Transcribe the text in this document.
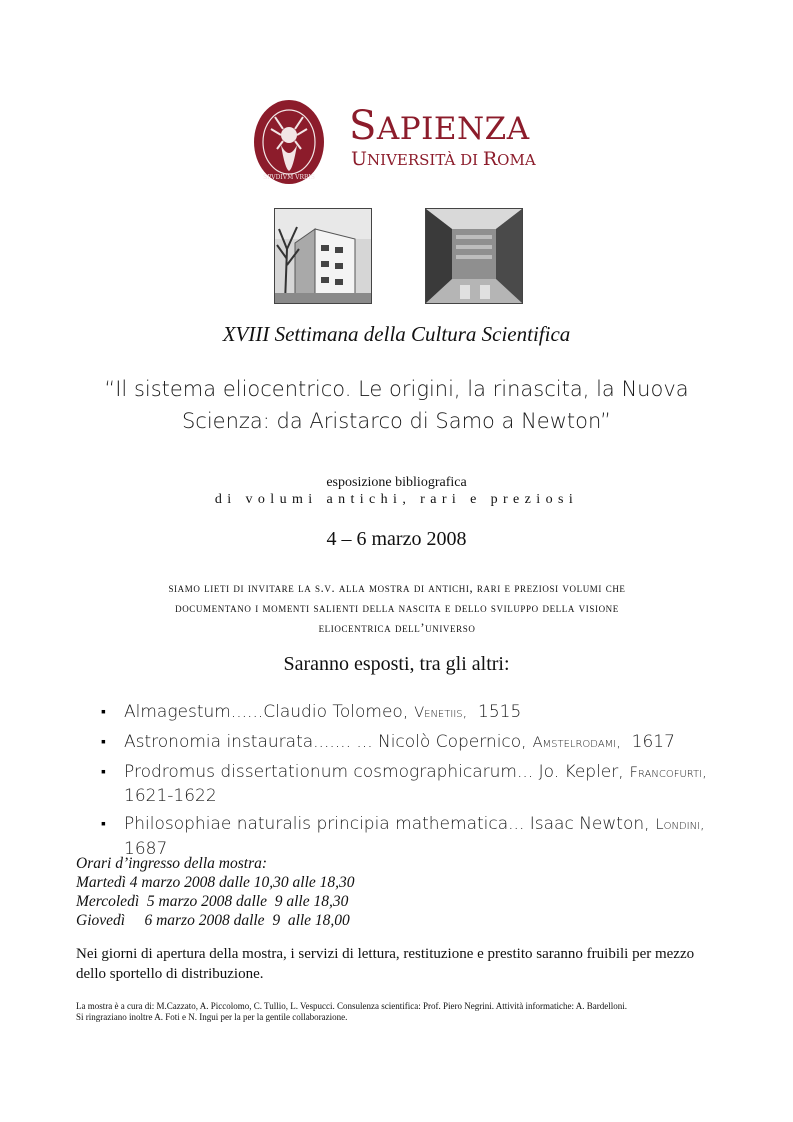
SPVDIVM VRBIS
SAPIENZA
UNIVERSITÀ DI ROMA
XVIII Settimana della Cultura Scientifica
“Il sistema eliocentrico. Le origini, la rinascita, la Nuova Scienza: da Aristarco di Samo a Newton”
esposizione bibliografica
di volumi antichi, rari e preziosi
4 – 6 marzo 2008
siamo lieti di invitare la s.v. alla mostra di antichi, rari e preziosi volumi che
documentano i momenti salienti della nascita e dello sviluppo della visione
eliocentrica dell’universo
Saranno esposti, tra gli altri:
▪ Almagestum......Claudio Tolomeo, Venetiis, 1515
▪ Astronomia instaurata....... ... Nicolò Copernico, Amstelrodami, 1617
▪ Prodromus dissertationum cosmographicarum... Jo. Kepler, Francofurti,
1621-1622
▪ Philosophiae naturalis principia mathematica... Isaac Newton, Londini,  1687
Orari d’ingresso della mostra:
Martedì 4 marzo 2008 dalle 10,30 alle 18,30
Mercoledì  5 marzo 2008 dalle  9 alle 18,30
Giovedì     6 marzo 2008 dalle  9  alle 18,00
Nei giorni di apertura della mostra, i servizi di lettura, restituzione e prestito saranno fruibili per mezzo dello sportello di distribuzione.
La mostra è a cura di: M.Cazzato, A. Piccolomo, C. Tullio, L. Vespucci. Consulenza scientifica: Prof. Piero Negrini. Attività informatiche: A. Bardelloni.
Si ringraziano inoltre A. Foti e N. Ingui per la per la gentile collaborazione.
